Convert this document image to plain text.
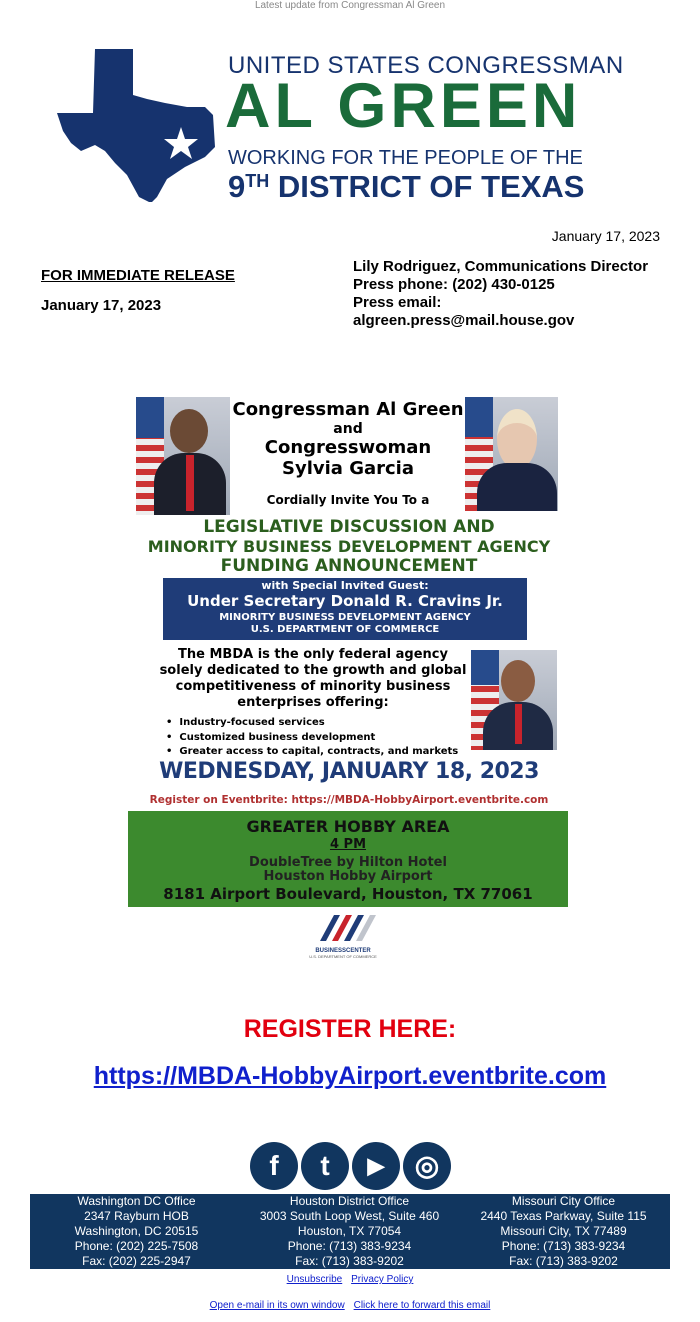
Latest update from Congressman Al Green
UNITED STATES CONGRESSMAN
AL GREEN
WORKING FOR THE PEOPLE OF THE
9TH DISTRICT OF TEXAS
January 17, 2023
FOR IMMEDIATE RELEASE
January 17, 2023
Lily Rodriguez, Communications Director
Press phone: (202) 430-0125
Press email:
algreen.press@mail.house.gov
Congressman Al Green
and
Congresswoman
Sylvia Garcia
Cordially Invite You To a
LEGISLATIVE DISCUSSION AND
MINORITY BUSINESS DEVELOPMENT AGENCY
FUNDING ANNOUNCEMENT
with Special Invited Guest:
Under Secretary Donald R. Cravins Jr.
MINORITY BUSINESS DEVELOPMENT AGENCY
U.S. DEPARTMENT OF COMMERCE
The MBDA is the only federal agency
solely dedicated to the growth and global
competitiveness of minority business
enterprises offering:
•  Industry-focused services
•  Customized business development
•  Greater access to capital, contracts, and markets
WEDNESDAY, JANUARY 18, 2023
Register on Eventbrite: https://MBDA-HobbyAirport.eventbrite.com
GREATER HOBBY AREA
4 PM
DoubleTree by Hilton Hotel
Houston Hobby Airport
8181 Airport Boulevard, Houston, TX 77061
BUSINESSCENTER
U.S. DEPARTMENT OF COMMERCE
REGISTER HERE:
https://MBDA-HobbyAirport.eventbrite.com
f	t	▶	◎
Washington DC Office
2347 Rayburn HOB
Washington, DC 20515
Phone: (202) 225-7508
Fax: (202) 225-2947
Houston District Office
3003 South Loop West, Suite 460
Houston, TX 77054
Phone: (713) 383-9234
Fax: (713) 383-9202
Missouri City Office
2440 Texas Parkway, Suite 115
Missouri City, TX 77489
Phone: (713) 383-9234
Fax: (713) 383-9202
Unsubscribe Privacy Policy
Open e-mail in its own window Click here to forward this email
